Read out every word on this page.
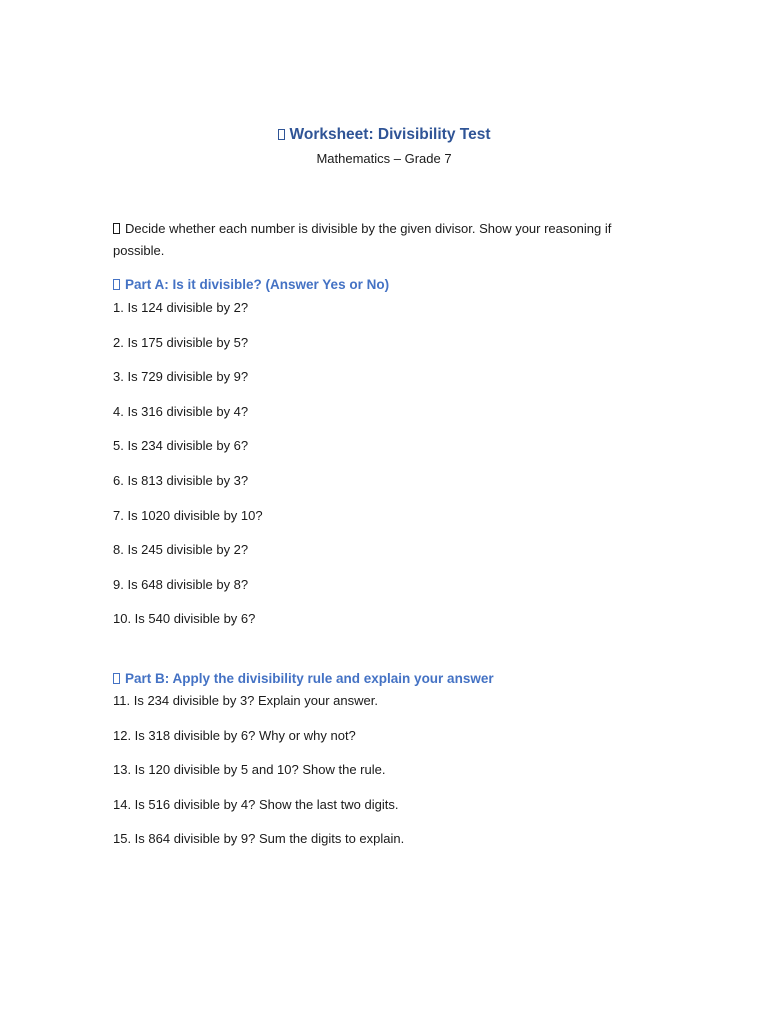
Worksheet: Divisibility Test
Mathematics – Grade 7
Decide whether each number is divisible by the given divisor. Show your reasoning if possible.
Part A: Is it divisible? (Answer Yes or No)
1. Is 124 divisible by 2?
2. Is 175 divisible by 5?
3. Is 729 divisible by 9?
4. Is 316 divisible by 4?
5. Is 234 divisible by 6?
6. Is 813 divisible by 3?
7. Is 1020 divisible by 10?
8. Is 245 divisible by 2?
9. Is 648 divisible by 8?
10. Is 540 divisible by 6?
Part B: Apply the divisibility rule and explain your answer
11. Is 234 divisible by 3? Explain your answer.
12. Is 318 divisible by 6? Why or why not?
13. Is 120 divisible by 5 and 10? Show the rule.
14. Is 516 divisible by 4? Show the last two digits.
15. Is 864 divisible by 9? Sum the digits to explain.
